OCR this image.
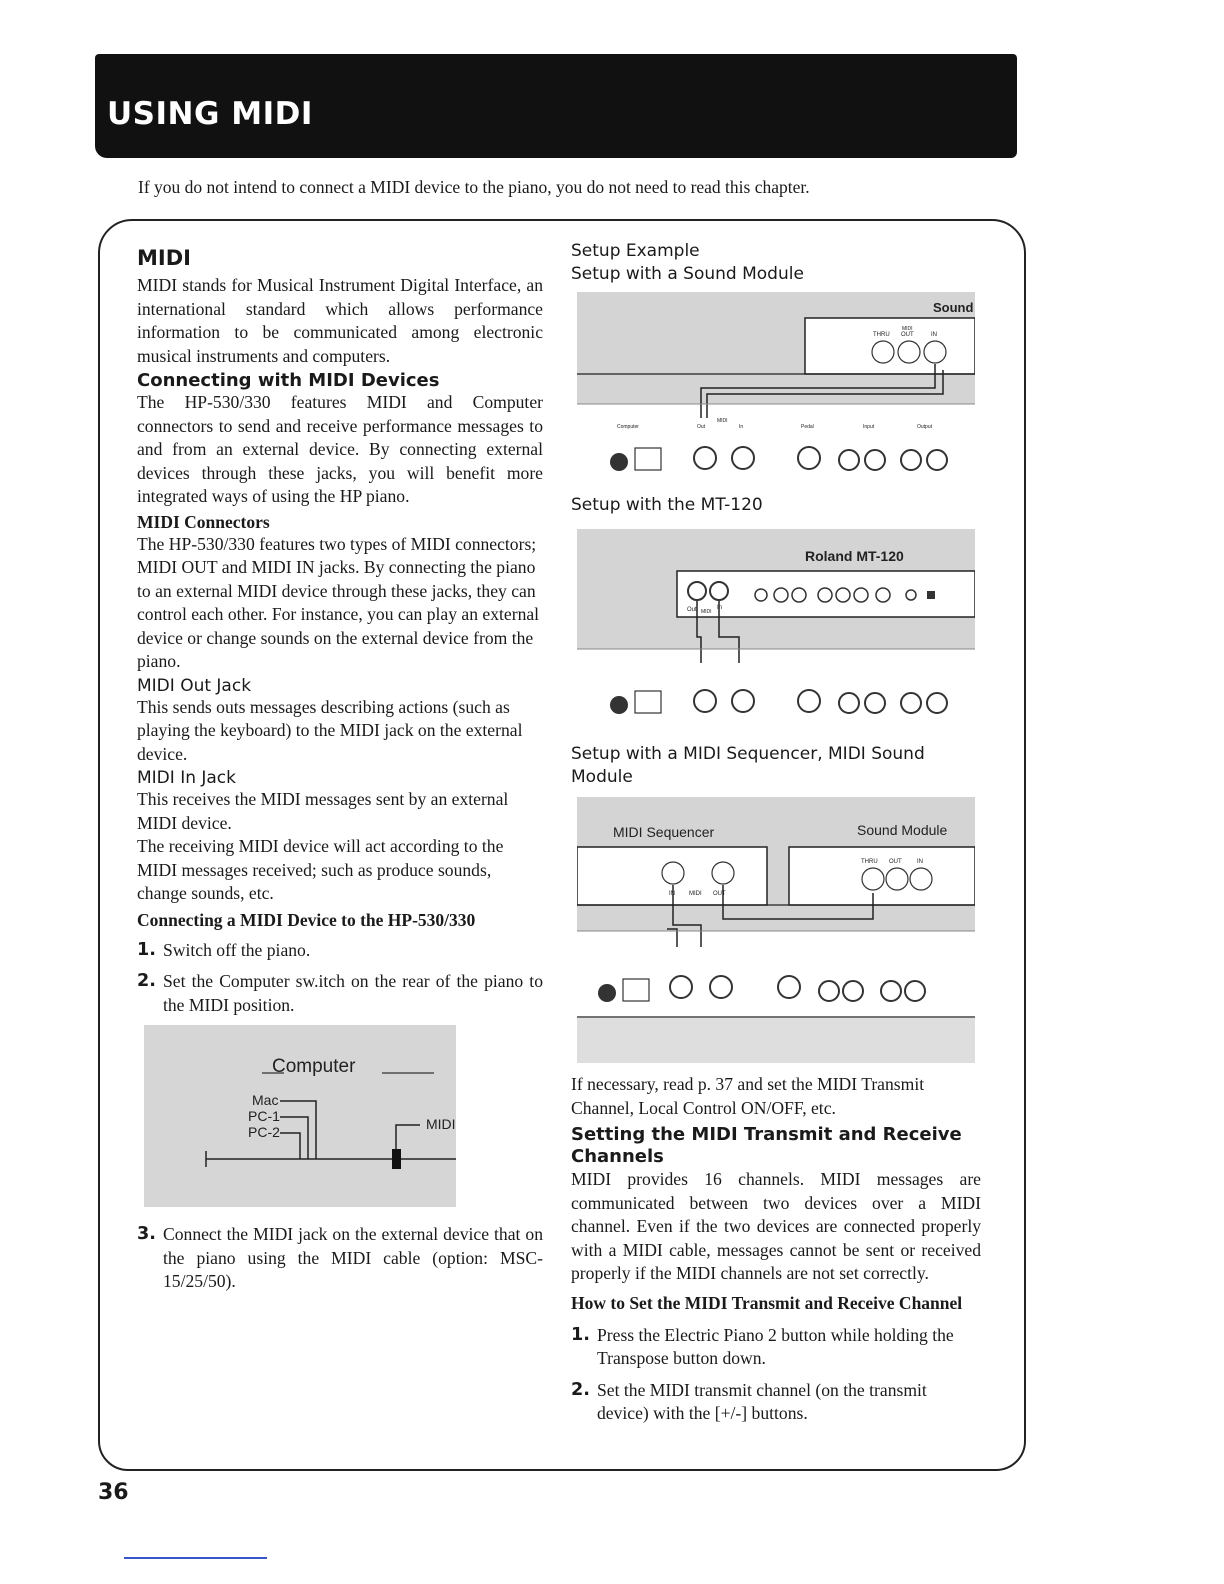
USING MIDI
If you do not intend to connect a MIDI device to the piano, you do not need to read this chapter.
MIDI

MIDI stands for Musical Instrument Digital Interface, an international standard which allows performance information to be communicated among electronic musical instruments and computers.

Connecting with MIDI Devices

The HP-530/330 features MIDI and Computer connectors to send and receive performance messages to and from an external device. By connecting external devices through these jacks, you will benefit more integrated ways of using the HP piano.

MIDI Connectors

The HP-530/330 features two types of MIDI connectors; MIDI OUT and MIDI IN jacks. By connecting the piano to an external MIDI device through these jacks, they can control each other. For instance, you can play an external device or change sounds on the external device from the piano.

MIDI Out Jack

This sends outs messages describing actions (such as playing the keyboard) to the MIDI jack on the external device.

MIDI In Jack

This receives the MIDI messages sent by an external MIDI device.

The receiving MIDI device will act according to the MIDI messages received; such as produce sounds, change sounds, etc.

Connecting a MIDI Device to the HP-530/330
1. Switch off the piano.
2. Set the Computer sw.itch on the rear of the piano to the MIDI position.
Computer
Mac
PC-1
PC-2	MIDI
3. Connect the MIDI jack on the external device that on the piano using the MIDI cable (option: MSC-15/25/50).
Setup Example
Setup with a Sound Module
Sound
MIDI
THRU OUT	IN
Computer	Out
MIDI
In	Pedal	Input	Output
Setup with the MT-120
Roland MT-120
Out MIDI
In
Setup with a MIDI Sequencer, MIDI Sound Module
MIDI Sequencer	Sound Module
IN MIDI OUT
THRU OUT	IN

If necessary, read p. 37 and set the MIDI Transmit Channel, Local Control ON/OFF, etc.

Setting the MIDI Transmit and Receive Channels

MIDI provides 16 channels. MIDI messages are communicated between two devices over a MIDI channel. Even if the two devices are connected properly with a MIDI cable, messages cannot be sent or received properly if the MIDI channels are not set correctly.

How to Set the MIDI Transmit and Receive Channel
1. Press the Electric Piano 2 button while holding the Transpose button down.
2. Set the MIDI transmit channel (on the transmit device) with the [+/-] buttons.
36
